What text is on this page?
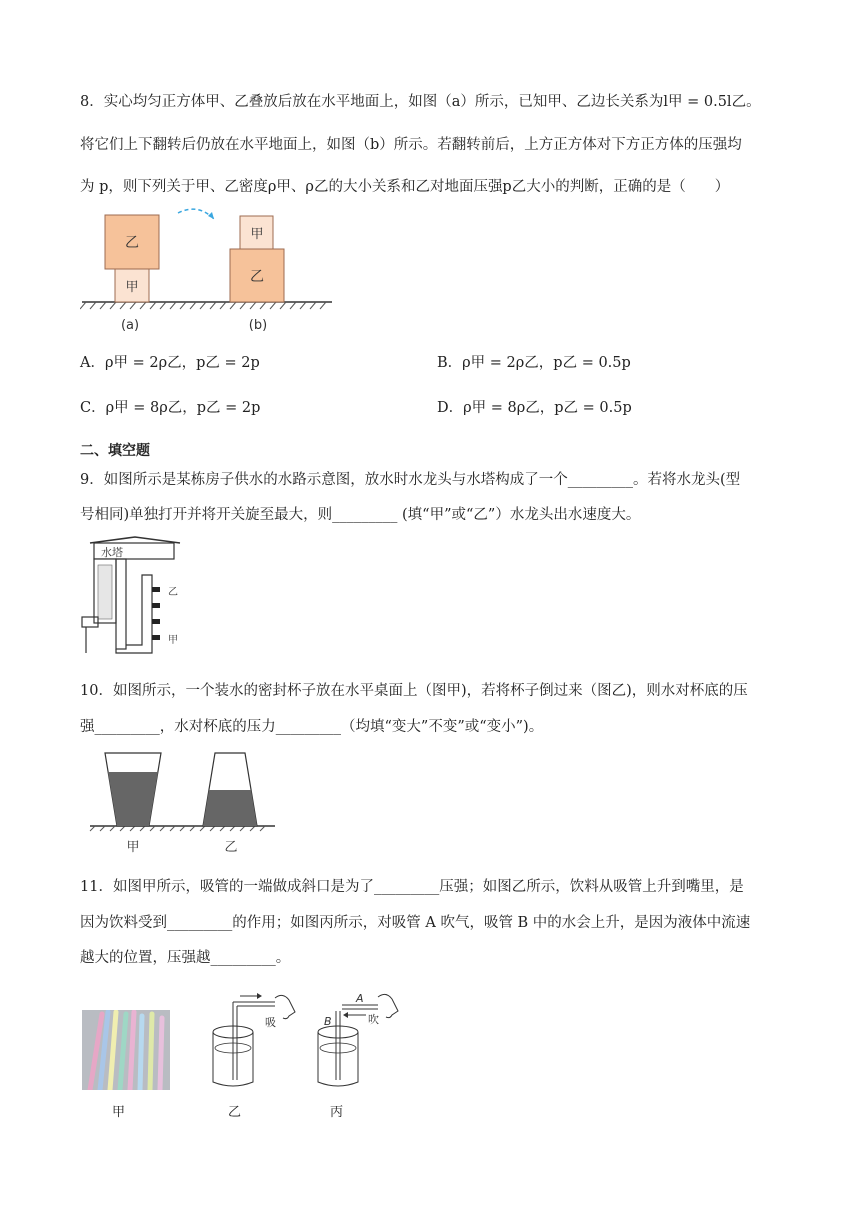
8．实心均匀正方体甲、乙叠放后放在水平地面上，如图（a）所示，已知甲、乙边长关系为l甲 = 0.5l乙。
将它们上下翻转后仍放在水平地面上，如图（b）所示。若翻转前后，上方正方体对下方正方体的压强均
为 p，则下列关于甲、乙密度ρ甲、ρ乙的大小关系和乙对地面压强p乙大小的判断，正确的是（　　）
乙
甲
甲
乙
(a)	(b)
A．ρ甲 = 2ρ乙，p乙 = 2p	B．ρ甲 = 2ρ乙，p乙 = 0.5p
C．ρ甲 = 8ρ乙，p乙 = 2p	D．ρ甲 = 8ρ乙，p乙 = 0.5p
二、填空题
9．如图所示是某栋房子供水的水路示意图，放水时水龙头与水塔构成了一个_________。若将水龙头(型
号相同)单独打开并将开关旋至最大，则_________ (填“甲”或“乙”）水龙头出水速度大。
水塔
乙
甲
10．如图所示，一个装水的密封杯子放在水平桌面上（图甲)，若将杯子倒过来（图乙)，则水对杯底的压
强_________，水对杯底的压力_________（均填“变大”不变”或“变小”)。
甲	乙
11．如图甲所示，吸管的一端做成斜口是为了_________压强；如图乙所示，饮料从吸管上升到嘴里，是
因为饮料受到_________的作用；如图丙所示，对吸管 A 吹气，吸管 B 中的水会上升，是因为液体中流速
越大的位置，压强越_________。
甲
吸
乙
A
B	吹
丙
